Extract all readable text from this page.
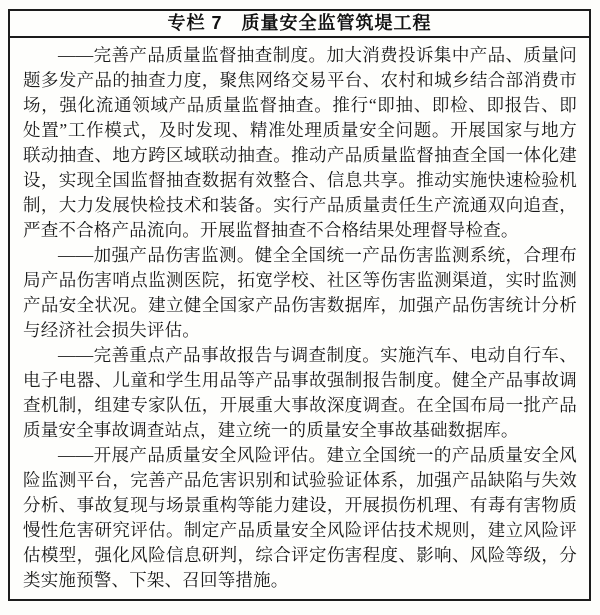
专栏 7　质量安全监管筑堤工程

——完善产品质量监督抽查制度。加大消费投诉集中产品、质量问题多发产品的抽查力度，聚焦网络交易平台、农村和城乡结合部消费市场，强化流通领域产品质量监督抽查。推行“即抽、即检、即报告、即处置”工作模式，及时发现、精准处理质量安全问题。开展国家与地方联动抽查、地方跨区域联动抽查。推动产品质量监督抽查全国一体化建设，实现全国监督抽查数据有效整合、信息共享。推动实施快速检验机制，大力发展快检技术和装备。实行产品质量责任生产流通双向追查，严查不合格产品流向。开展监督抽查不合格结果处理督导检查。

——加强产品伤害监测。健全全国统一产品伤害监测系统，合理布局产品伤害哨点监测医院，拓宽学校、社区等伤害监测渠道，实时监测产品安全状况。建立健全国家产品伤害数据库，加强产品伤害统计分析与经济社会损失评估。

——完善重点产品事故报告与调查制度。实施汽车、电动自行车、电子电器、儿童和学生用品等产品事故强制报告制度。健全产品事故调查机制，组建专家队伍，开展重大事故深度调查。在全国布局一批产品质量安全事故调查站点，建立统一的质量安全事故基础数据库。

——开展产品质量安全风险评估。建立全国统一的产品质量安全风险监测平台，完善产品危害识别和试验验证体系，加强产品缺陷与失效分析、事故复现与场景重构等能力建设，开展损伤机理、有毒有害物质慢性危害研究评估。制定产品质量安全风险评估技术规则，建立风险评估模型，强化风险信息研判，综合评定伤害程度、影响、风险等级，分类实施预警、下架、召回等措施。
